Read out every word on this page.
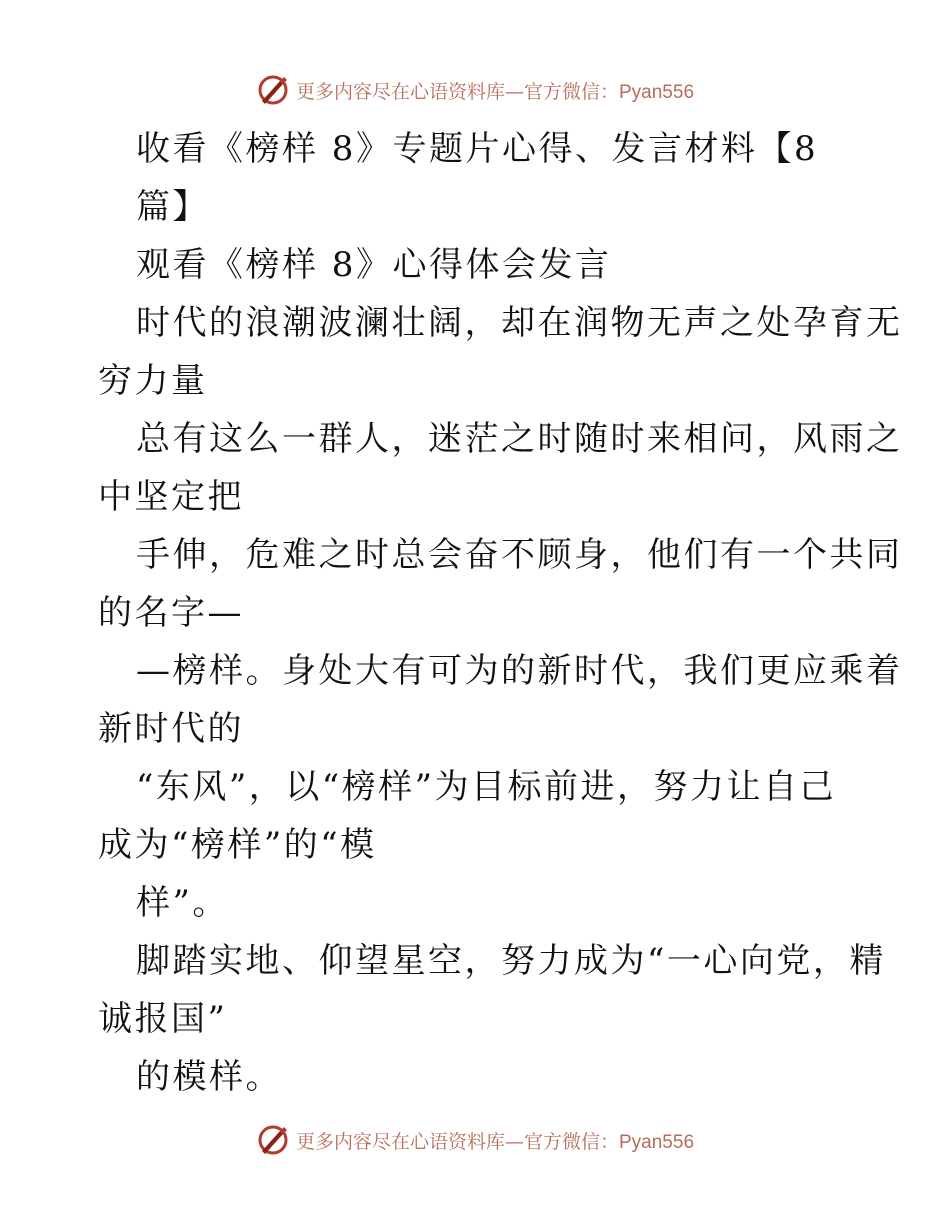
更多内容尽在心语资料库—官方微信：Pyan556
收看《榜样 8》专题片心得、发言材料【8
篇】
观看《榜样 8》心得体会发言
时代的浪潮波澜壮阔，却在润物无声之处孕育无
穷力量
总有这么一群人，迷茫之时随时来相问，风雨之
中坚定把
手伸，危难之时总会奋不顾身，他们有一个共同
的名字—
—榜样。身处大有可为的新时代，我们更应乘着
新时代的
“东风”，以“榜样”为目标前进，努力让自己
成为“榜样”的“模
样”。
脚踏实地、仰望星空，努力成为“一心向党，精
诚报国”
的模样。
更多内容尽在心语资料库—官方微信：Pyan556
